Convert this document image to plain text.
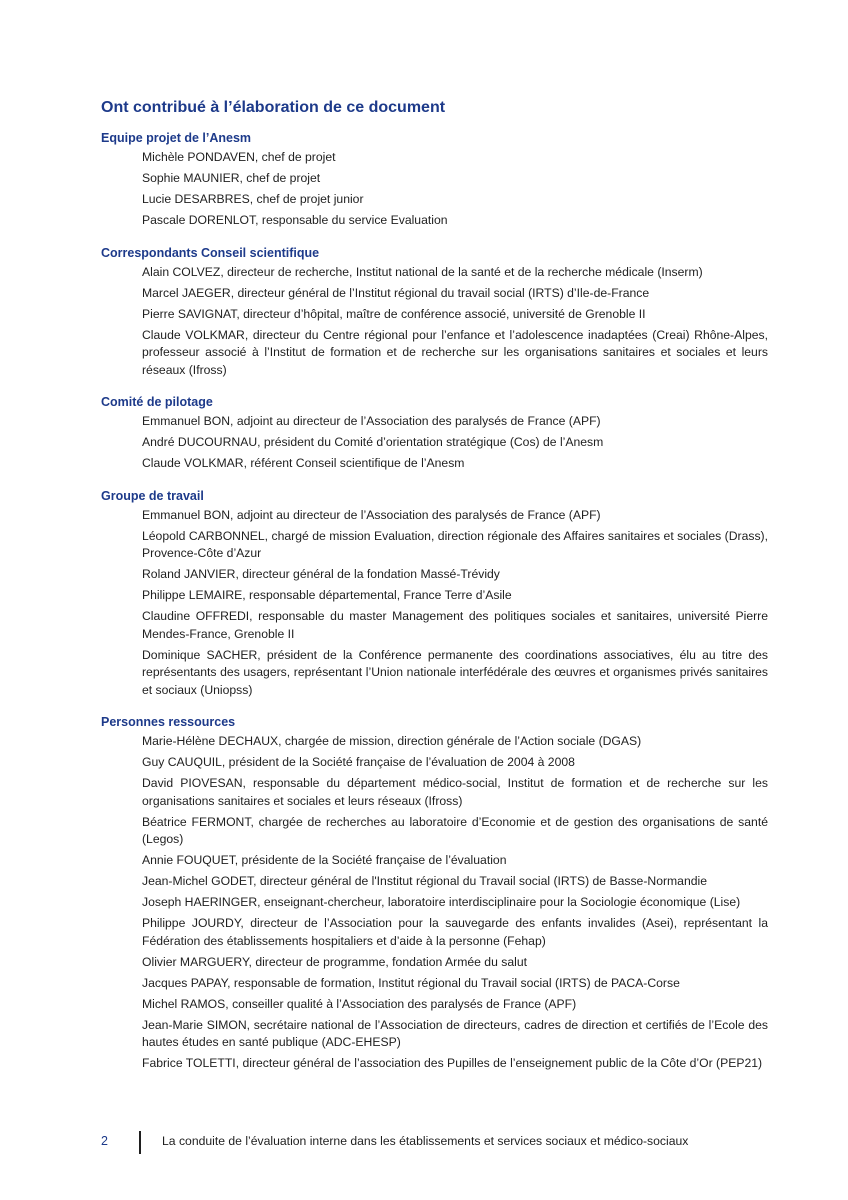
Ont contribué à l’élaboration de ce document
Equipe projet de l’Anesm
Michèle PONDAVEN, chef de projet
Sophie MAUNIER, chef de projet
Lucie DESARBRES, chef de projet junior
Pascale DORENLOT, responsable du service Evaluation
Correspondants Conseil scientifique
Alain COLVEZ, directeur de recherche, Institut national de la santé et de la recherche médicale (Inserm)
Marcel JAEGER, directeur général de l’Institut régional du travail social (IRTS) d’Ile-de-France
Pierre SAVIGNAT, directeur d’hôpital, maître de conférence associé, université de Grenoble II
Claude VOLKMAR, directeur du Centre régional pour l’enfance et l’adolescence inadaptées (Creai) Rhône-Alpes, professeur associé à l’Institut de formation et de recherche sur les organisations sanitaires et sociales et leurs réseaux (Ifross)
Comité de pilotage
Emmanuel BON, adjoint au directeur de l’Association des paralysés de France (APF)
André DUCOURNAU, président du Comité d’orientation stratégique (Cos) de l’Anesm
Claude VOLKMAR, référent Conseil scientifique de l’Anesm
Groupe de travail
Emmanuel BON, adjoint au directeur de l’Association des paralysés de France (APF)
Léopold CARBONNEL, chargé de mission Evaluation, direction régionale des Affaires sanitaires et sociales (Drass), Provence-Côte d’Azur
Roland JANVIER, directeur général de la fondation Massé-Trévidy
Philippe LEMAIRE, responsable départemental, France Terre d’Asile
Claudine OFFREDI, responsable du master Management des politiques sociales et sanitaires, université Pierre Mendes-France, Grenoble II
Dominique SACHER, président de la Conférence permanente des coordinations associatives, élu au titre des représentants des usagers, représentant l’Union nationale interfédérale des œuvres et organismes privés sanitaires et sociaux (Uniopss)
Personnes ressources
Marie-Hélène DECHAUX, chargée de mission, direction générale de l’Action sociale (DGAS)
Guy CAUQUIL, président de la Société française de l’évaluation de 2004 à 2008
David PIOVESAN, responsable du département médico-social, Institut de formation et de recherche sur les organisations sanitaires et sociales et leurs réseaux (Ifross)
Béatrice FERMONT, chargée de recherches au laboratoire d’Economie et de gestion des organisations de santé (Legos)
Annie FOUQUET, présidente de la Société française de l’évaluation
Jean-Michel GODET, directeur général de l'Institut régional du Travail social (IRTS) de Basse-Normandie
Joseph HAERINGER, enseignant-chercheur, laboratoire interdisciplinaire pour la Sociologie économique (Lise)
Philippe JOURDY, directeur de l’Association pour la sauvegarde des enfants invalides (Asei), représentant la Fédération des établissements hospitaliers et d’aide à la personne (Fehap)
Olivier MARGUERY, directeur de programme, fondation Armée du salut
Jacques PAPAY, responsable de formation, Institut régional du Travail social (IRTS) de PACA-Corse
Michel RAMOS, conseiller qualité à l’Association des paralysés de France (APF)
Jean-Marie SIMON, secrétaire national de l’Association de directeurs, cadres de direction et certifiés de l’Ecole des hautes études en santé publique (ADC-EHESP)
Fabrice TOLETTI, directeur général de l’association des Pupilles de l’enseignement public de la Côte d’Or (PEP21)
2	La conduite de l’évaluation interne dans les établissements et services sociaux et médico-sociaux
